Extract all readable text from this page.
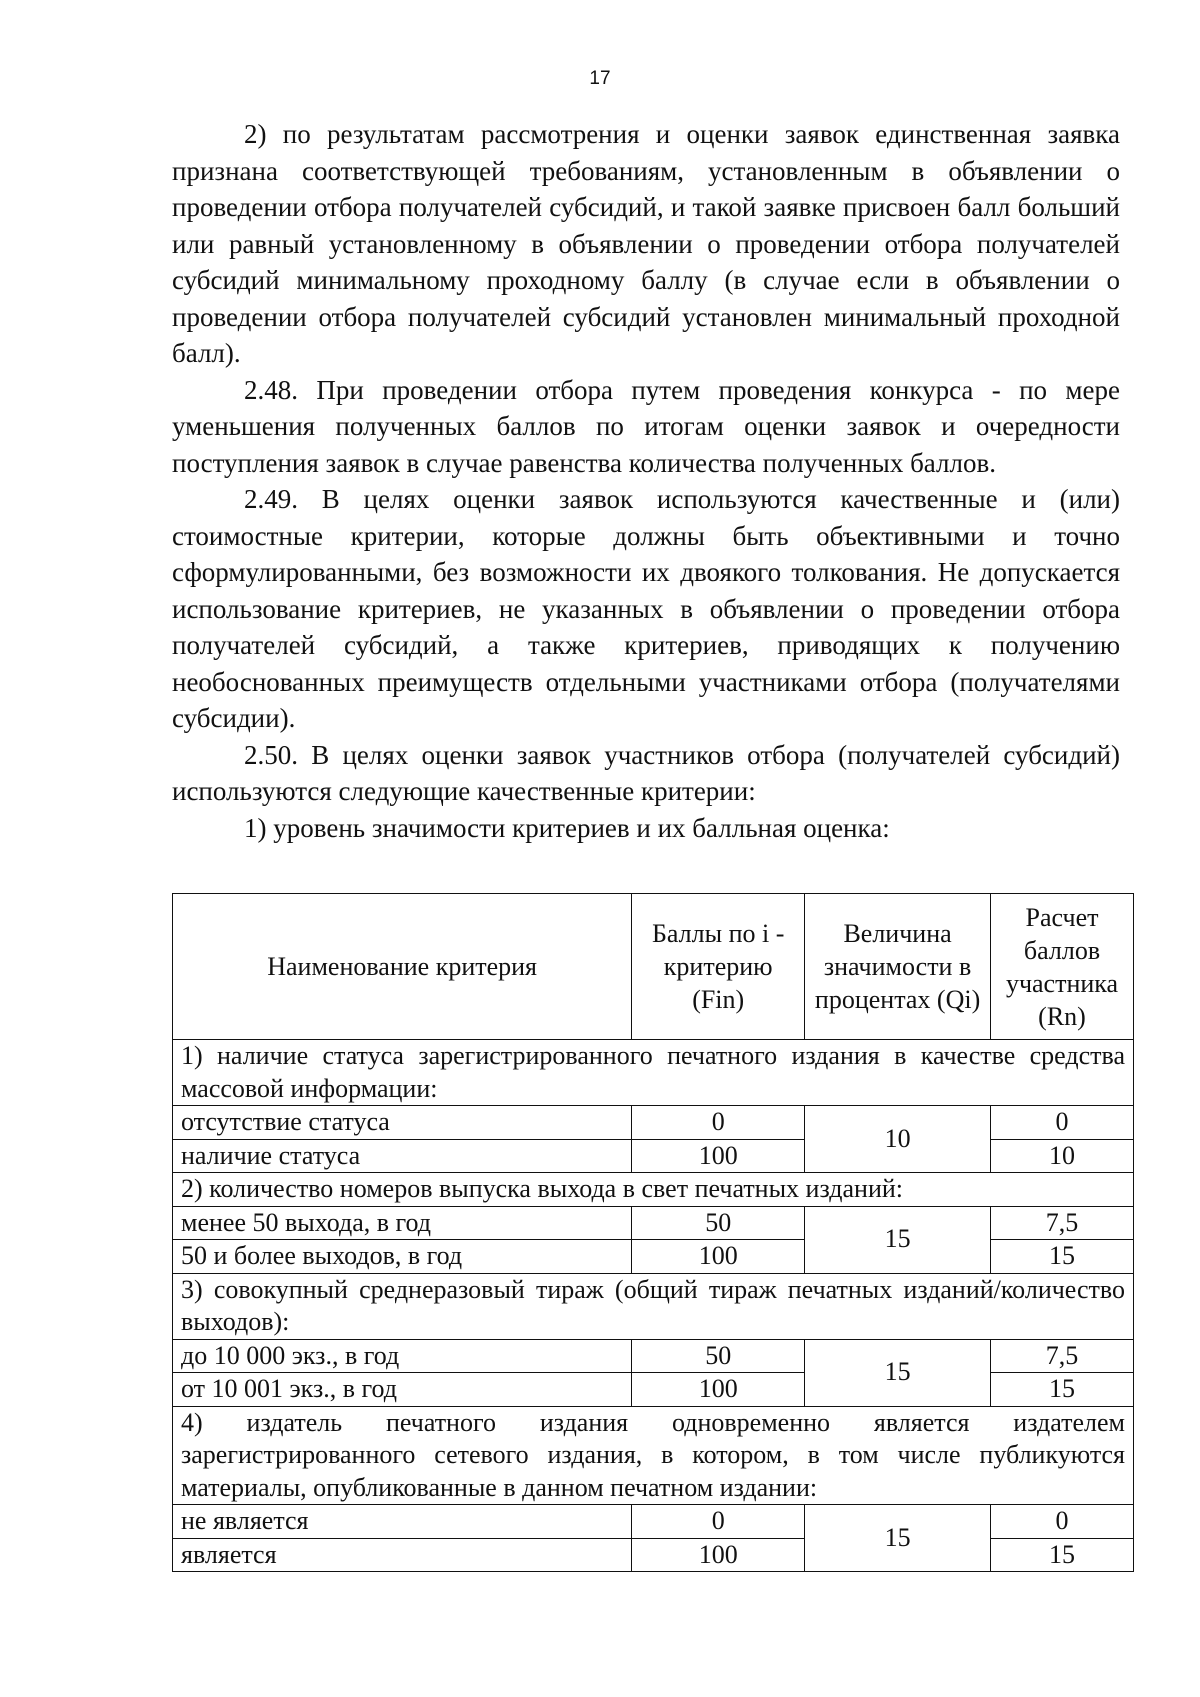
17

2) по результатам рассмотрения и оценки заявок единственная заявка признана соответствующей требованиям, установленным в объявлении о проведении отбора получателей субсидий, и такой заявке присвоен балл больший или равный установленному в объявлении о проведении отбора получателей субсидий минимальному проходному баллу (в случае если в объявлении о проведении отбора получателей субсидий установлен минимальный проходной балл).

2.48. При проведении отбора путем проведения конкурса - по мере уменьшения полученных баллов по итогам оценки заявок и очередности поступления заявок в случае равенства количества полученных баллов.

2.49. В целях оценки заявок используются качественные и (или) стоимостные критерии, которые должны быть объективными и точно сформулированными, без возможности их двоякого толкования. Не допускается использование критериев, не указанных в объявлении о проведении отбора получателей субсидий, а также критериев, приводящих к получению необоснованных преимуществ отдельными участниками отбора (получателями субсидии).

2.50. В целях оценки заявок участников отбора (получателей субсидий) используются следующие качественные критерии:

1) уровень значимости критериев и их балльная оценка:

Наименование критерия	Баллы по i - критерию (Fin)	Величина значимости в процентах (Qi)	Расчет баллов участника (Rn)
1) наличие статуса зарегистрированного печатного издания в качестве средства массовой информации:			
отсутствие статуса	0	10	0
наличие статуса	100		10
2) количество номеров выпуска выхода в свет печатных изданий:			
менее 50 выхода, в год	50	15	7,5
50 и более выходов, в год	100		15
3) совокупный среднеразовый тираж (общий тираж печатных изданий/количество выходов):			
до 10 000 экз., в год	50	15	7,5
от 10 001 экз., в год	100		15
4) издатель печатного издания одновременно является издателем зарегистрированного сетевого издания, в котором, в том числе публикуются материалы, опубликованные в данном печатном издании:			
не является	0	15	0
является	100		15
